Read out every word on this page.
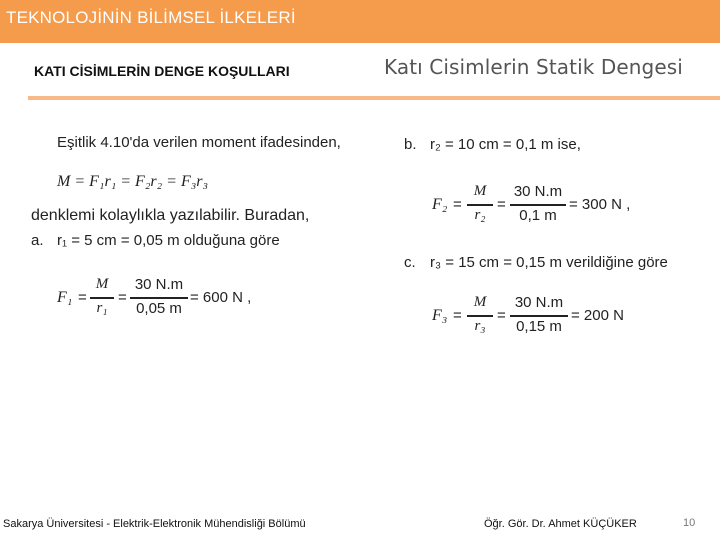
TEKNOLOJİNİN BİLİMSEL İLKELERİ
KATI CİSİMLERİN DENGE KOŞULLARI	Katı Cisimlerin Statik Dengesi
Eşitlik 4.10'da verilen moment ifadesinden,
M = F₁r₁ = F₂r₂ = F₃r₃
denklemi kolaylıkla yazılabilir. Buradan,
a. r₁ = 5 cm = 0,05 m olduğuna göre
F₁ =
M
r₁
=
30 N.m
0,05 m
= 600 N ,
b. r₂ = 10 cm = 0,1 m ise,
F₂ =
M
r₂
=
30 N.m
0,1 m
= 300 N ,
c. r₃ = 15 cm = 0,15 m verildiğine göre
F₃ =
M
r₃
=
30 N.m
0,15 m
= 200 N
Sakarya Üniversitesi - Elektrik-Elektronik Mühendisliği Bölümü	Öğr. Gör. Dr. Ahmet KÜÇÜKER	10
